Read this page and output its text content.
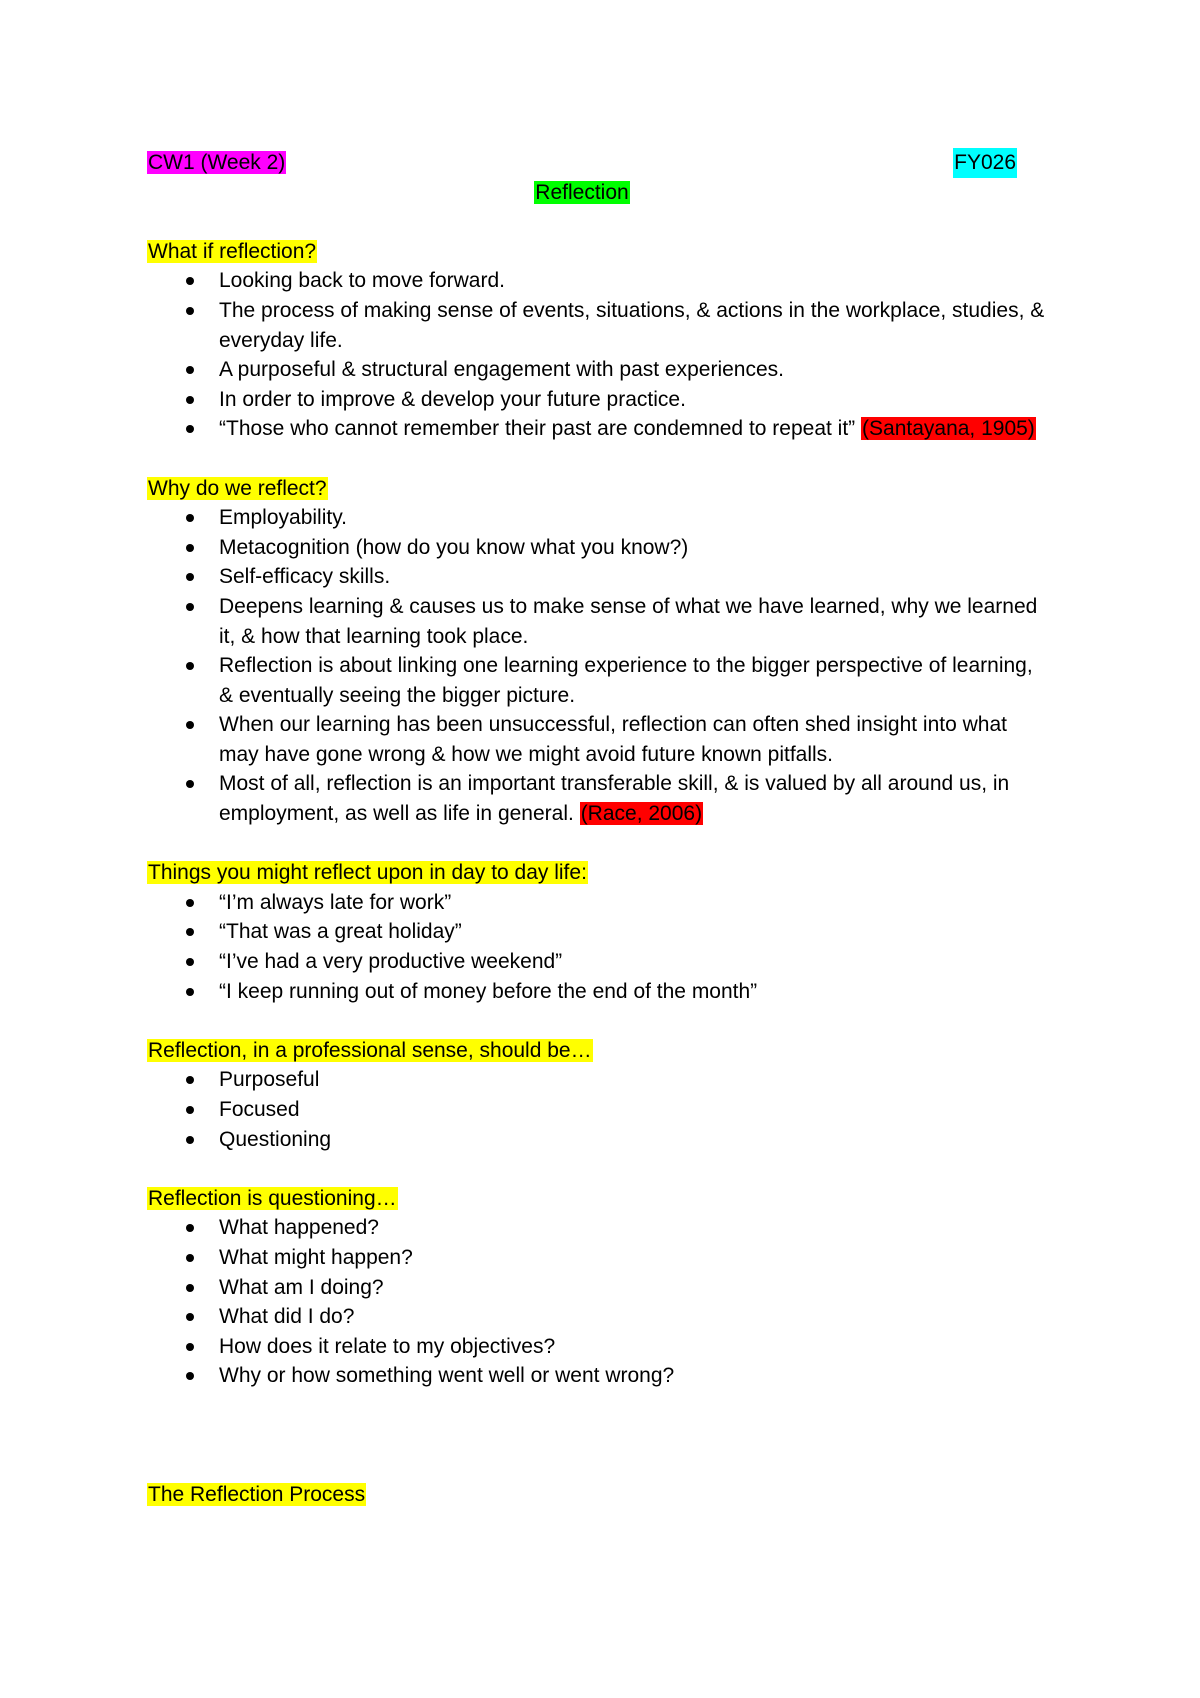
CW1 (Week 2)	FY026
Reflection
What if reflection?
Looking back to move forward.
The process of making sense of events, situations, & actions in the workplace, studies, & everyday life.
A purposeful & structural engagement with past experiences.
In order to improve & develop your future practice.
“Those who cannot remember their past are condemned to repeat it” (Santayana, 1905)
Why do we reflect?
Employability.
Metacognition (how do you know what you know?)
Self-efficacy skills.
Deepens learning & causes us to make sense of what we have learned, why we learned it, & how that learning took place.
Reflection is about linking one learning experience to the bigger perspective of learning, & eventually seeing the bigger picture.
When our learning has been unsuccessful, reflection can often shed insight into what may have gone wrong & how we might avoid future known pitfalls.
Most of all, reflection is an important transferable skill, & is valued by all around us, in employment, as well as life in general. (Race, 2006)
Things you might reflect upon in day to day life:
“I’m always late for work”
“That was a great holiday”
“I’ve had a very productive weekend”
“I keep running out of money before the end of the month”
Reflection, in a professional sense, should be…
Purposeful
Focused
Questioning
Reflection is questioning…
What happened?
What might happen?
What am I doing?
What did I do?
How does it relate to my objectives?
Why or how something went well or went wrong?
The Reflection Process
